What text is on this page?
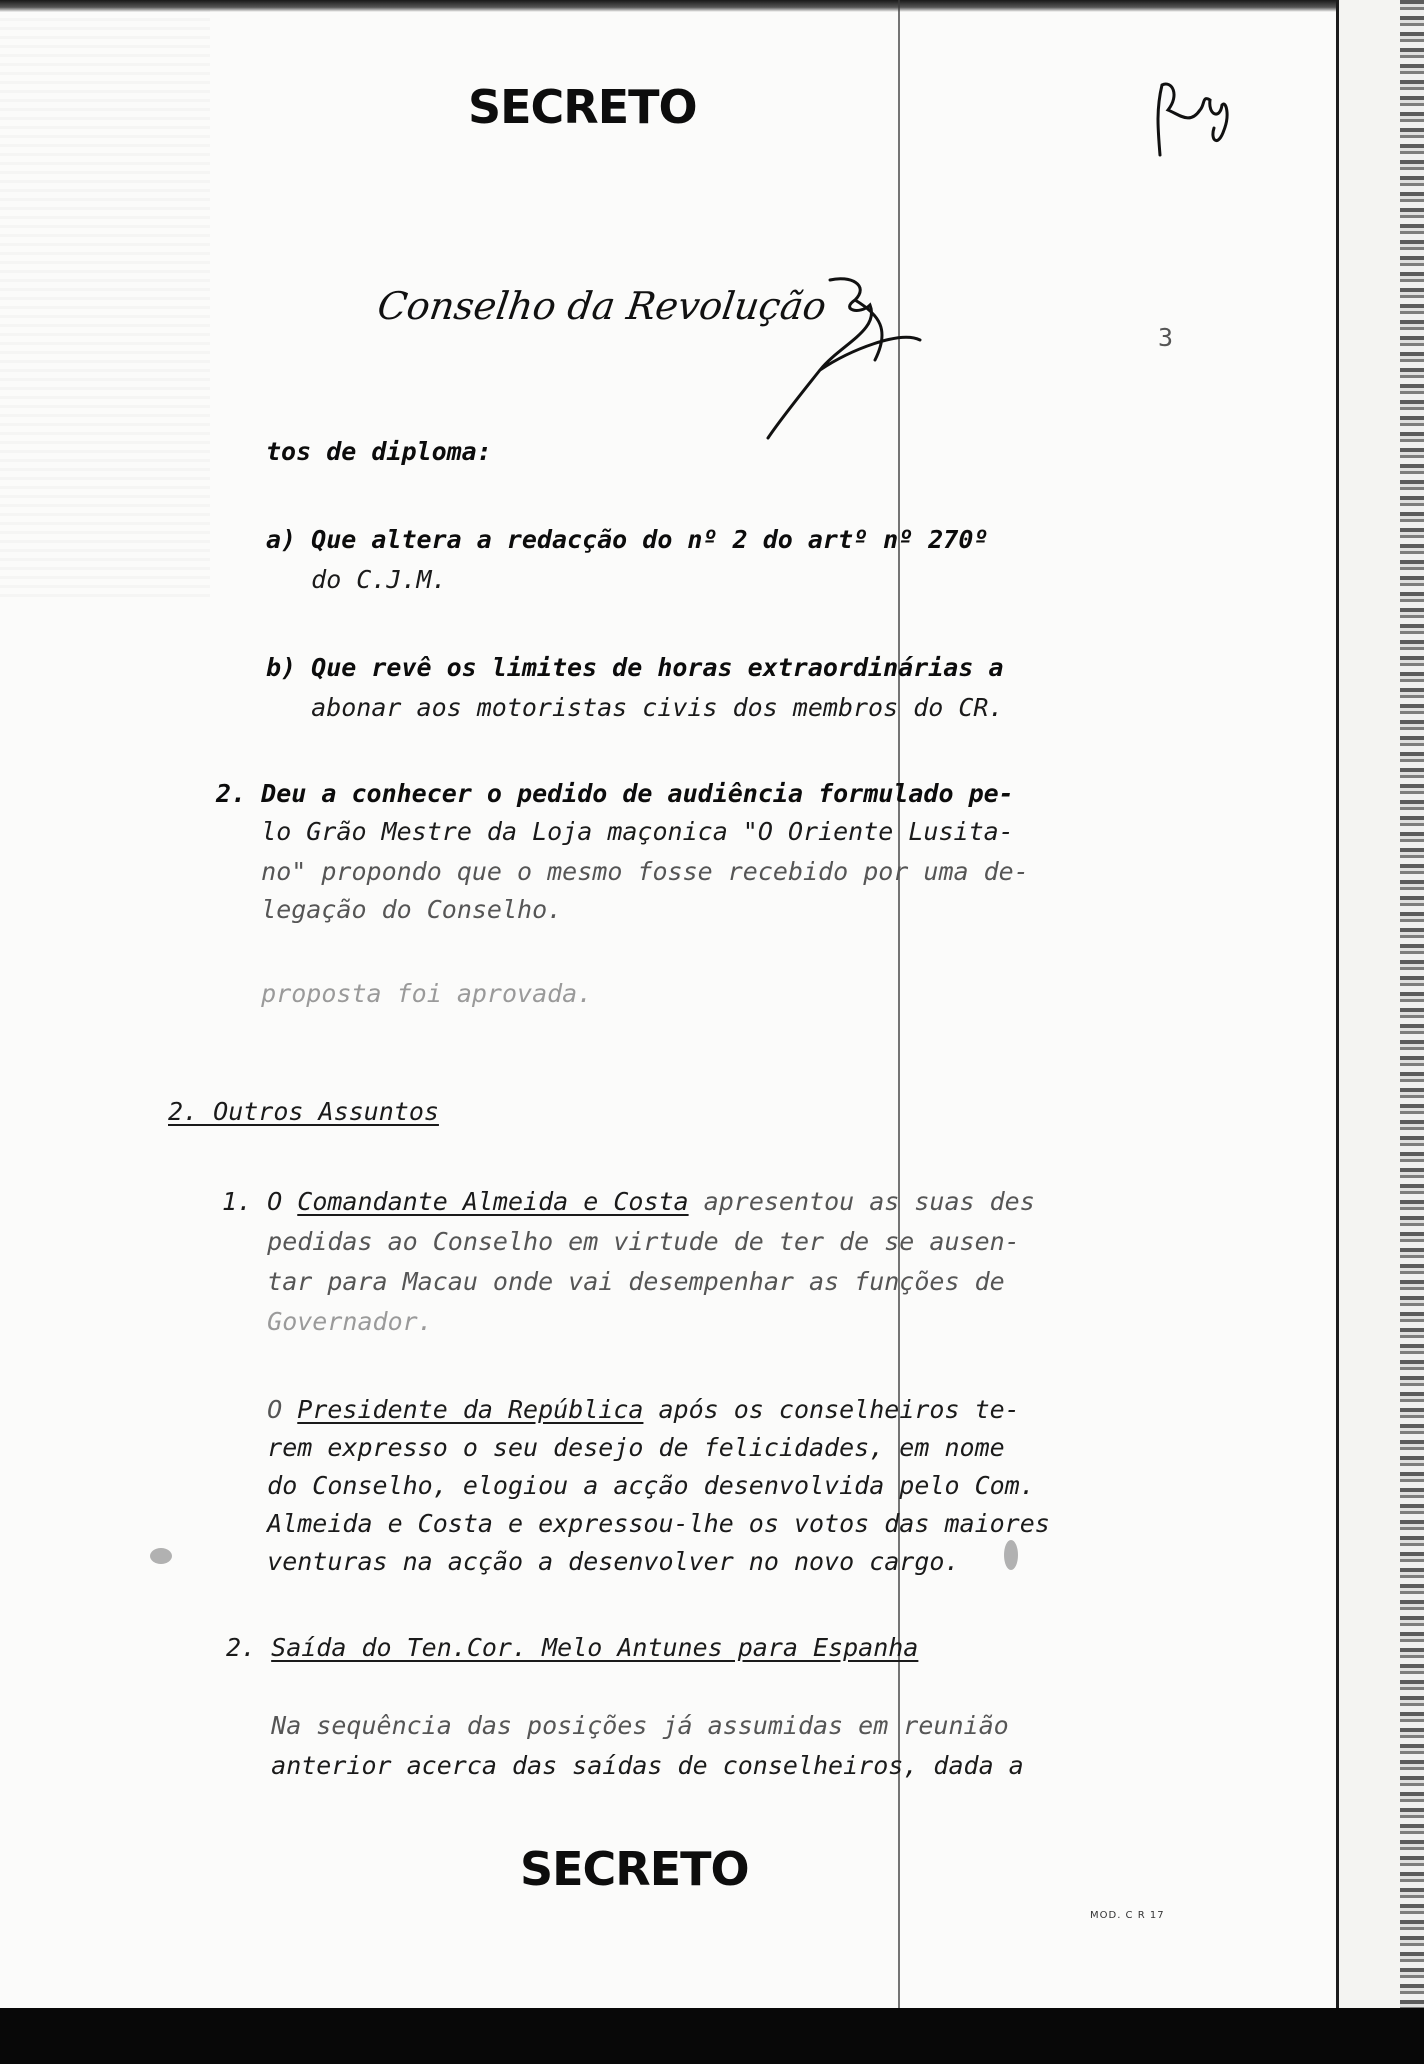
SECRETO
Conselho da Revolução
3
tos de diploma:
a) Que altera a redacção do nº 2 do artº nº 270º
do C.J.M.
b) Que revê os limites de horas extraordinárias a
abonar aos motoristas civis dos membros do CR.
2. Deu a conhecer o pedido de audiência formulado pe-
lo Grão Mestre da Loja maçonica "O Oriente Lusita-
no" propondo que o mesmo fosse recebido por uma de-
legação do Conselho.
proposta foi aprovada.
2. Outros Assuntos
1. O Comandante Almeida e Costa apresentou as suas des
pedidas ao Conselho em virtude de ter de se ausen-
tar para Macau onde vai desempenhar as funções de
Governador.
O Presidente da República após os conselheiros te-
rem expresso o seu desejo de felicidades, em nome
do Conselho, elogiou a acção desenvolvida pelo Com.
Almeida e Costa e expressou-lhe os votos das maiores
venturas na acção a desenvolver no novo cargo.
2. Saída do Ten.Cor. Melo Antunes para Espanha
Na sequência das posições já assumidas em reunião
anterior acerca das saídas de conselheiros, dada a
SECRETO
MOD. C R 17
